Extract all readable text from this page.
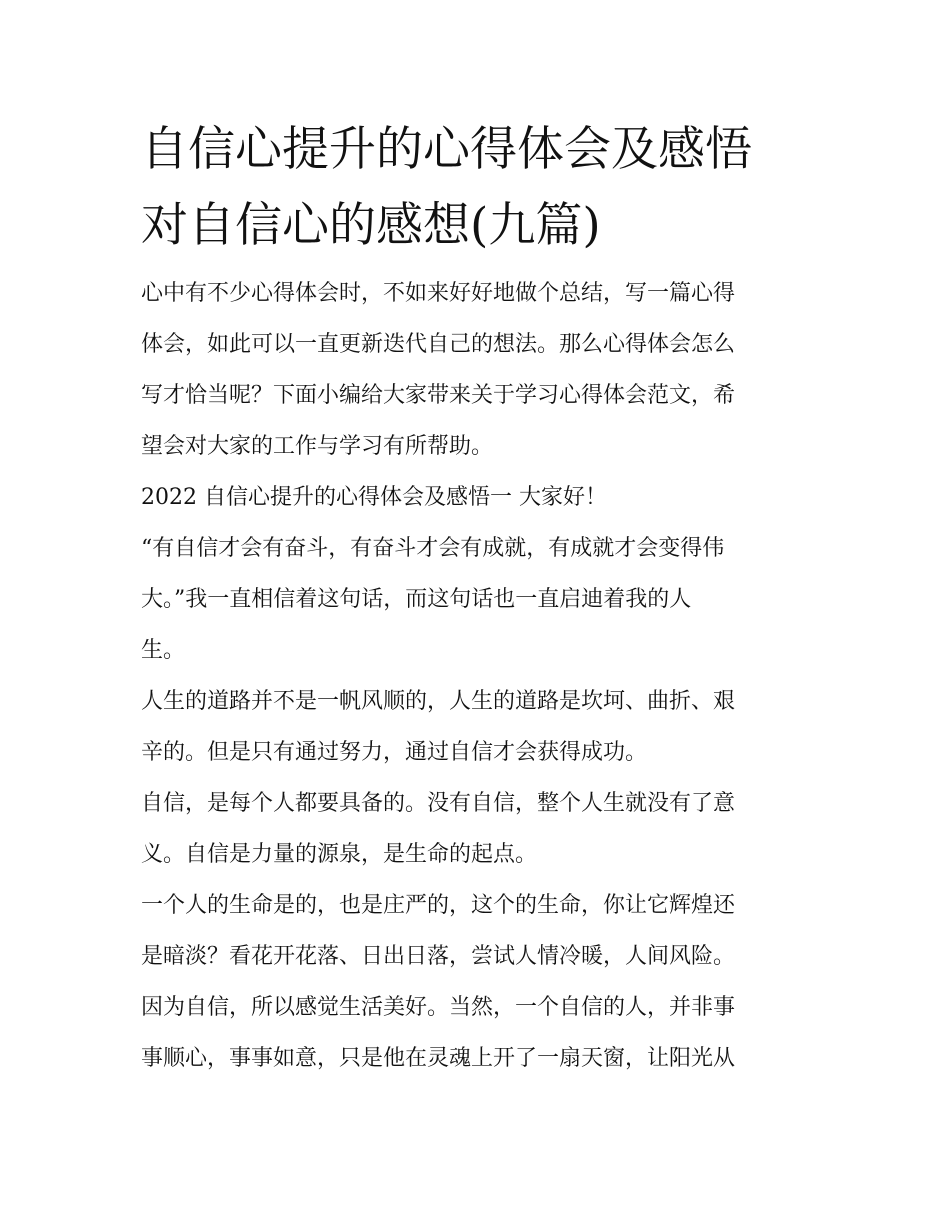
自信心提升的心得体会及感悟
对自信心的感想(九篇)

心中有不少心得体会时，不如来好好地做个总结，写一篇心得
体会，如此可以一直更新迭代自己的想法。那么心得体会怎么
写才恰当呢？下面小编给大家带来关于学习心得体会范文，希
望会对大家的工作与学习有所帮助。

2022 自信心提升的心得体会及感悟一 大家好！

“有自信才会有奋斗，有奋斗才会有成就，有成就才会变得伟
大。”我一直相信着这句话，而这句话也一直启迪着我的人
生。

人生的道路并不是一帆风顺的，人生的道路是坎坷、曲折、艰
辛的。但是只有通过努力，通过自信才会获得成功。

自信，是每个人都要具备的。没有自信，整个人生就没有了意
义。自信是力量的源泉，是生命的起点。

一个人的生命是的，也是庄严的，这个的生命，你让它辉煌还
是暗淡？看花开花落、日出日落，尝试人情冷暖，人间风险。
因为自信，所以感觉生活美好。当然，一个自信的人，并非事
事顺心，事事如意，只是他在灵魂上开了一扇天窗，让阳光从
